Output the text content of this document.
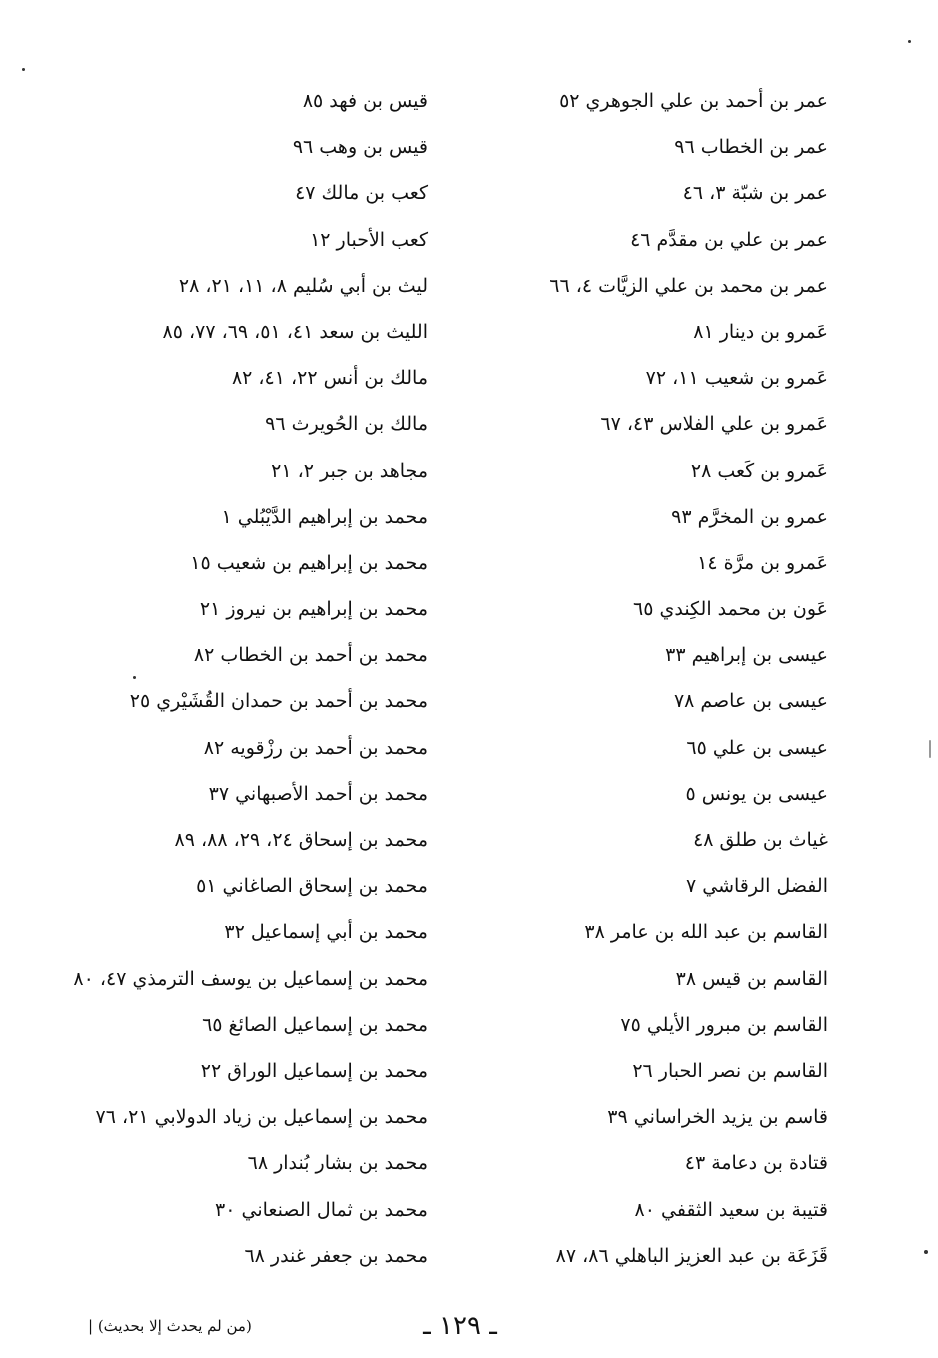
عمر بن أحمد بن علي الجوهري ٥٢
عمر بن الخطاب ٩٦
عمر بن شبّة ٣، ٤٦
عمر بن علي بن مقدَّم ٤٦
عمر بن محمد بن علي الزيَّات ٤، ٦٦
عَمرو بن دينار ٨١
عَمرو بن شعيب ١١، ٧٢
عَمرو بن علي الفلاس ٤٣، ٦٧
عَمرو بن كَعب ٢٨
عمرو بن المخرَّم ٩٣
عَمرو بن مرَّة ١٤
عَون بن محمد الكِندي ٦٥
عيسى بن إبراهيم ٣٣
عيسى بن عاصم ٧٨
عيسى بن علي ٦٥
عيسى بن يونس ٥
غياث بن طلق ٤٨
الفضل الرقاشي ٧
القاسم بن عبد الله بن عامر ٣٨
القاسم بن قيس ٣٨
القاسم بن مبرور الأيلي ٧٥
القاسم بن نصر الحبار ٢٦
قاسم بن يزيد الخراساني ٣٩
قتادة بن دعامة ٤٣
قتيبة بن سعيد الثقفي ٨٠
قَزَعَة بن عبد العزيز الباهلي ٨٦، ٨٧
قيس بن فهد ٨٥
قيس بن وهب ٩٦
كعب بن مالك ٤٧
كعب الأحبار ١٢
ليث بن أبي سُليم ٨، ١١، ٢١، ٢٨
الليث بن سعد ٤١، ٥١، ٦٩، ٧٧، ٨٥
مالك بن أنس ٢٢، ٤١، ٨٢
مالك بن الحُويرث ٩٦
مجاهد بن جبر ٢، ٢١
محمد بن إبراهيم الدَّيْبُلي ١
محمد بن إبراهيم بن شعيب ١٥
محمد بن إبراهيم بن نيروز ٢١
محمد بن أحمد بن الخطاب ٨٢
محمد بن أحمد بن حمدان القُشَيْري ٢٥
محمد بن أحمد بن رزْقويه ٨٢
محمد بن أحمد الأصبهاني ٣٧
محمد بن إسحاق ٢٤، ٢٩، ٨٨، ٨٩
محمد بن إسحاق الصاغاني ٥١
محمد بن أبي إسماعيل ٣٢
محمد بن إسماعيل بن يوسف الترمذي ٤٧، ٨٠
محمد بن إسماعيل الصائغ ٦٥
محمد بن إسماعيل الوراق ٢٢
محمد بن إسماعيل بن زياد الدولابي ٢١، ٧٦
محمد بن بشار بُندار ٦٨
محمد بن ثمال الصنعاني ٣٠
محمد بن جعفر غندر ٦٨
(من لم يحدث إلا بحديث) |	ـ ١٢٩ ـ
